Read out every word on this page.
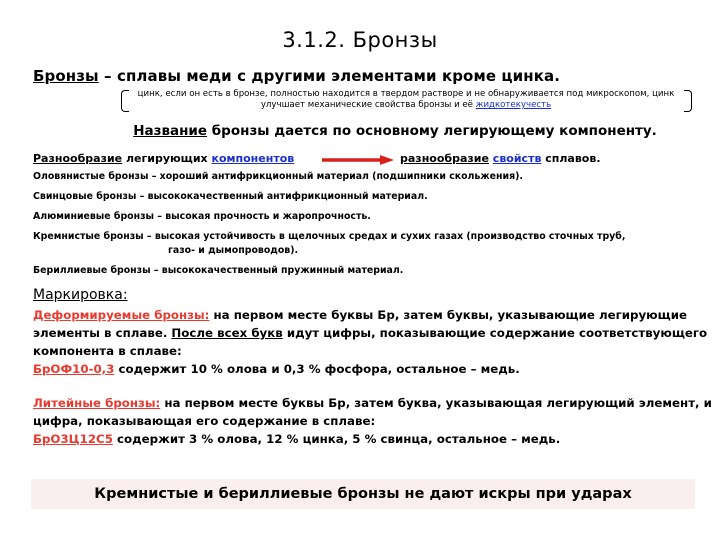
3.1.2. Бронзы
Бронзы – сплавы меди с другими элементами кроме цинка.
цинк, если он есть в бронзе, полностью находится в твердом растворе и не обнаруживается под микроскопом, цинк улучшает механические свойства бронзы и её жидкотекучесть
Название бронзы дается по основному легирующему компоненту.
Разнообразие легирующих компонентов	разнообразие свойств сплавов.
Оловянистые бронзы – хороший антифрикционный материал (подшипники скольжения).
Свинцовые бронзы – высококачественный антифрикционный материал.
Алюминиевые бронзы – высокая прочность и жаропрочность.
Кремнистые бронзы – высокая устойчивость в щелочных средах и сухих газах (производство сточных труб,
газо- и дымопроводов).
Бериллиевые бронзы – высококачественный пружинный материал.
Маркировка:
Деформируемые бронзы: на первом месте буквы Бр, затем буквы, указывающие легирующие элементы в сплаве. После всех букв идут цифры, показывающие содержание соответствующего компонента в сплаве:
БрОФ10-0,3 содержит 10 % олова и 0,3 % фосфора, остальное – медь.
Литейные бронзы: на первом месте буквы Бр, затем буква, указывающая легирующий элемент, и цифра, показывающая его содержание в сплаве:
БрО3Ц12С5 содержит 3 % олова, 12 % цинка, 5 % свинца, остальное – медь.
Кремнистые и бериллиевые бронзы не дают искры при ударах
